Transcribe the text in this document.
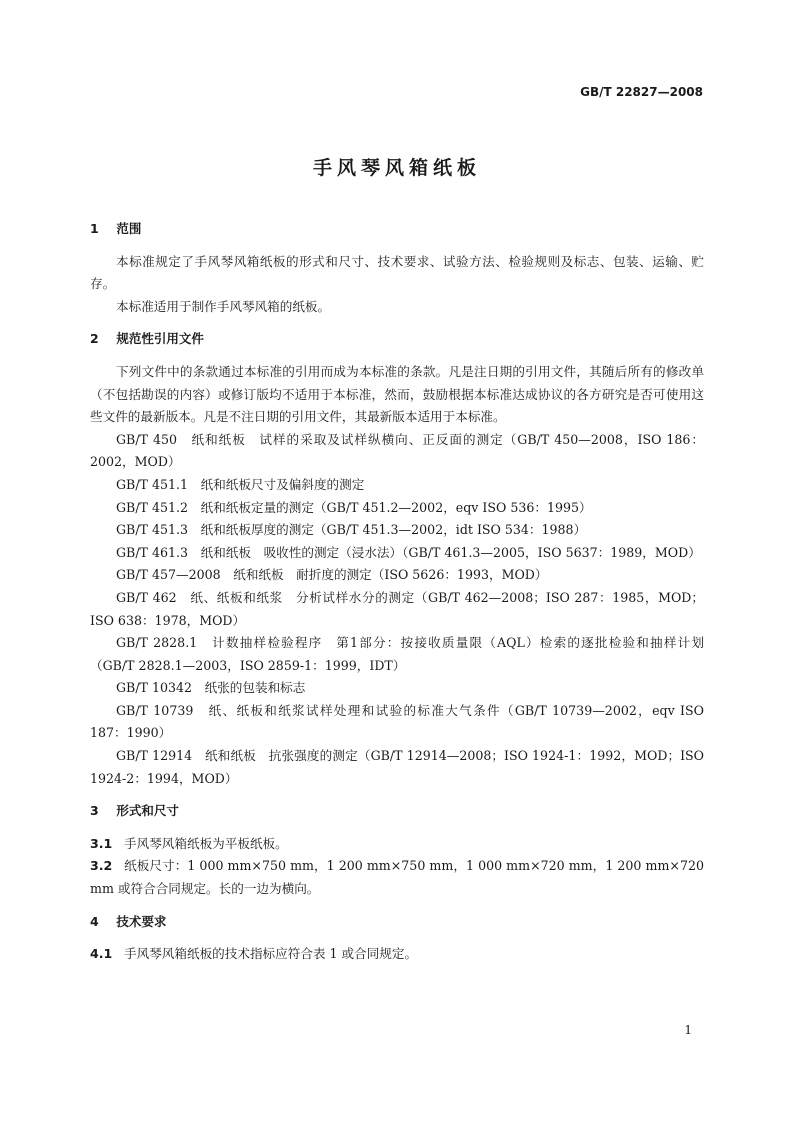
GB/T 22827—2008
手风琴风箱纸板
1 范围

本标准规定了手风琴风箱纸板的形式和尺寸、技术要求、试验方法、检验规则及标志、包装、运输、贮存。

本标准适用于制作手风琴风箱的纸板。

2 规范性引用文件

下列文件中的条款通过本标准的引用而成为本标准的条款。凡是注日期的引用文件，其随后所有的修改单（不包括勘误的内容）或修订版均不适用于本标准，然而，鼓励根据本标准达成协议的各方研究是否可使用这些文件的最新版本。凡是不注日期的引用文件，其最新版本适用于本标准。

GB/T 450　纸和纸板　试样的采取及试样纵横向、正反面的测定（GB/T 450—2008，ISO 186：2002，MOD）

GB/T 451.1　纸和纸板尺寸及偏斜度的测定

GB/T 451.2　纸和纸板定量的测定（GB/T 451.2—2002，eqv ISO 536：1995）

GB/T 451.3　纸和纸板厚度的测定（GB/T 451.3—2002，idt ISO 534：1988）

GB/T 461.3　纸和纸板　吸收性的测定（浸水法）（GB/T 461.3—2005，ISO 5637：1989，MOD）

GB/T 457—2008　纸和纸板　耐折度的测定（ISO 5626：1993，MOD）

GB/T 462　纸、纸板和纸浆　分析试样水分的测定（GB/T 462—2008；ISO 287：1985，MOD；ISO 638：1978，MOD）

GB/T 2828.1　计数抽样检验程序　第1部分：按接收质量限（AQL）检索的逐批检验和抽样计划（GB/T 2828.1—2003，ISO 2859-1：1999，IDT）

GB/T 10342　纸张的包装和标志

GB/T 10739　纸、纸板和纸浆试样处理和试验的标准大气条件（GB/T 10739—2002，eqv ISO 187：1990）

GB/T 12914　纸和纸板　抗张强度的测定（GB/T 12914—2008；ISO 1924-1：1992，MOD；ISO 1924-2：1994，MOD）

3 形式和尺寸

3.1 手风琴风箱纸板为平板纸板。

3.2 纸板尺寸：1 000 mm×750 mm，1 200 mm×750 mm，1 000 mm×720 mm，1 200 mm×720 mm 或符合合同规定。长的一边为横向。

4 技术要求

4.1 手风琴风箱纸板的技术指标应符合表 1 或合同规定。

1
